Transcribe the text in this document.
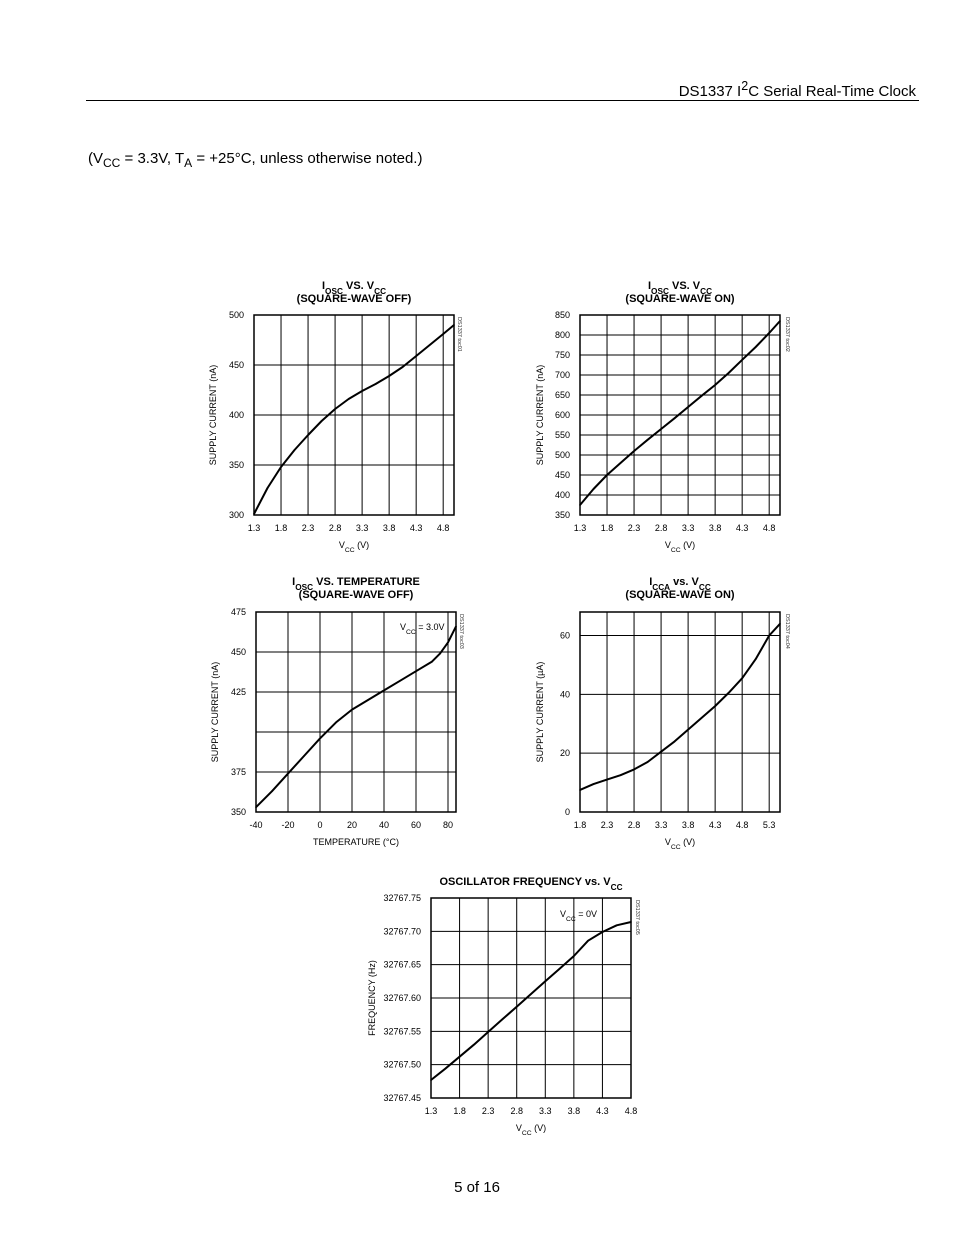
DS1337 $I^2C$ Serial Real-Time Clock
($V_{CC} = 3.3V$, $T_A = +25^\circ C$, unless otherwise noted.)
$I_{OSC}$ VS. $V_{CC}$
(SQUARE-WAVE OFF)
300
350
400
450
500
1.3 1.8 2.3 2.8 3.3 3.8 4.3 4.8
$V_{CC}$ (V)
SUPPLY CURRENT (nA)
DS1337 toc01
$I_{OSC}$ VS. $V_{CC}$
(SQUARE-WAVE ON)
350
400
450
500
550
600
650
700
750
800
850
1.3 1.8 2.3 2.8 3.3 3.8 4.3 4.8
$V_{CC}$ (V)
SUPPLY CURRENT (nA)
DS1337 toc02
$I_{OSC}$ VS. TEMPERATURE
(SQUARE-WAVE OFF)
350
375
425
450
475
-40 -20	0	20 40 60 80
TEMPERATURE (°C)
SUPPLY CURRENT (nA)
$V_{CC} = 3.0V$ DS1337 toc03
$I_{CCA}$ vs. $V_{CC}$
(SQUARE-WAVE ON)
0
20
40
60
1.8 2.3 2.8 3.3 3.8 4.3 4.8 5.3
$V_{CC}$ (V)
SUPPLY CURRENT (µA)
DS1337 toc04
OSCILLATOR FREQUENCY vs. $V_{CC}$
32767.45
32767.50
32767.55
32767.60
32767.65
32767.70
32767.75
1.3 1.8 2.3 2.8 3.3 3.8 4.3 4.8
$V_{CC}$ (V)
FREQUENCY (Hz)
$V_{CC} = 0V$	DS1337 toc05
5 of 16
